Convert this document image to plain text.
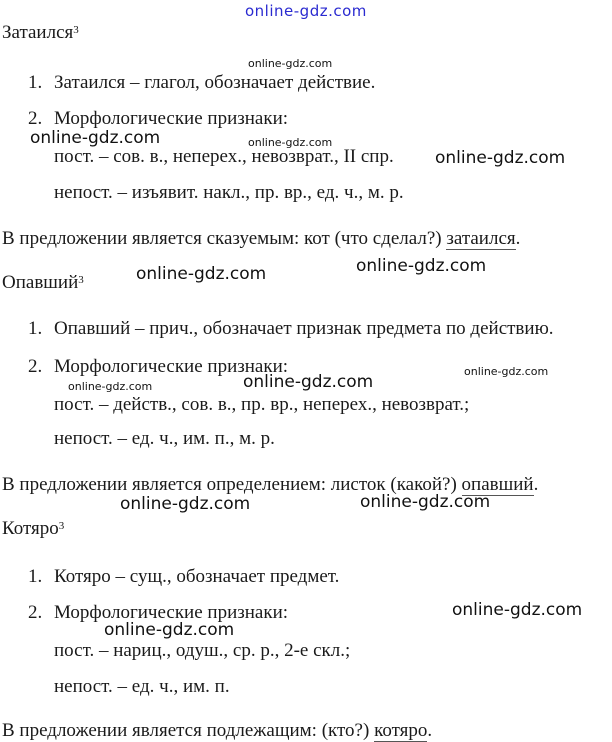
online-gdz.com
Затаился$^3$
online-gdz.com
1. Затаился – глагол, обозначает действие.
2. Морфологические признаки:
online-gdz.com	online-gdz.com
пост. – сов. в., неперех., невозврат., II спр. online-gdz.com
непост. – изъявит. накл., пр. вр., ед. ч., м. р.
В предложении является сказуемым: кот (что сделал?) затаился.
online-gdz.com
online-gdz.com
Опавший$^3$
1. Опавший – прич., обозначает признак предмета по действию.
2. Морфологические признаки:	online-gdz.com
online-gdz.com
online-gdz.com
пост. – действ., сов. в., пр. вр., неперех., невозврат.;
непост. – ед. ч., им. п., м. р.
В предложении является определением: листок (какой?) опавший.
online-gdz.com	online-gdz.com
Котяро$^3$
1. Котяро – сущ., обозначает предмет.
2. Морфологические признаки:	online-gdz.com
online-gdz.com
пост. – нариц., одуш., ср. р., 2-е скл.;
непост. – ед. ч., им. п.
В предложении является подлежащим: (кто?) котяро.
